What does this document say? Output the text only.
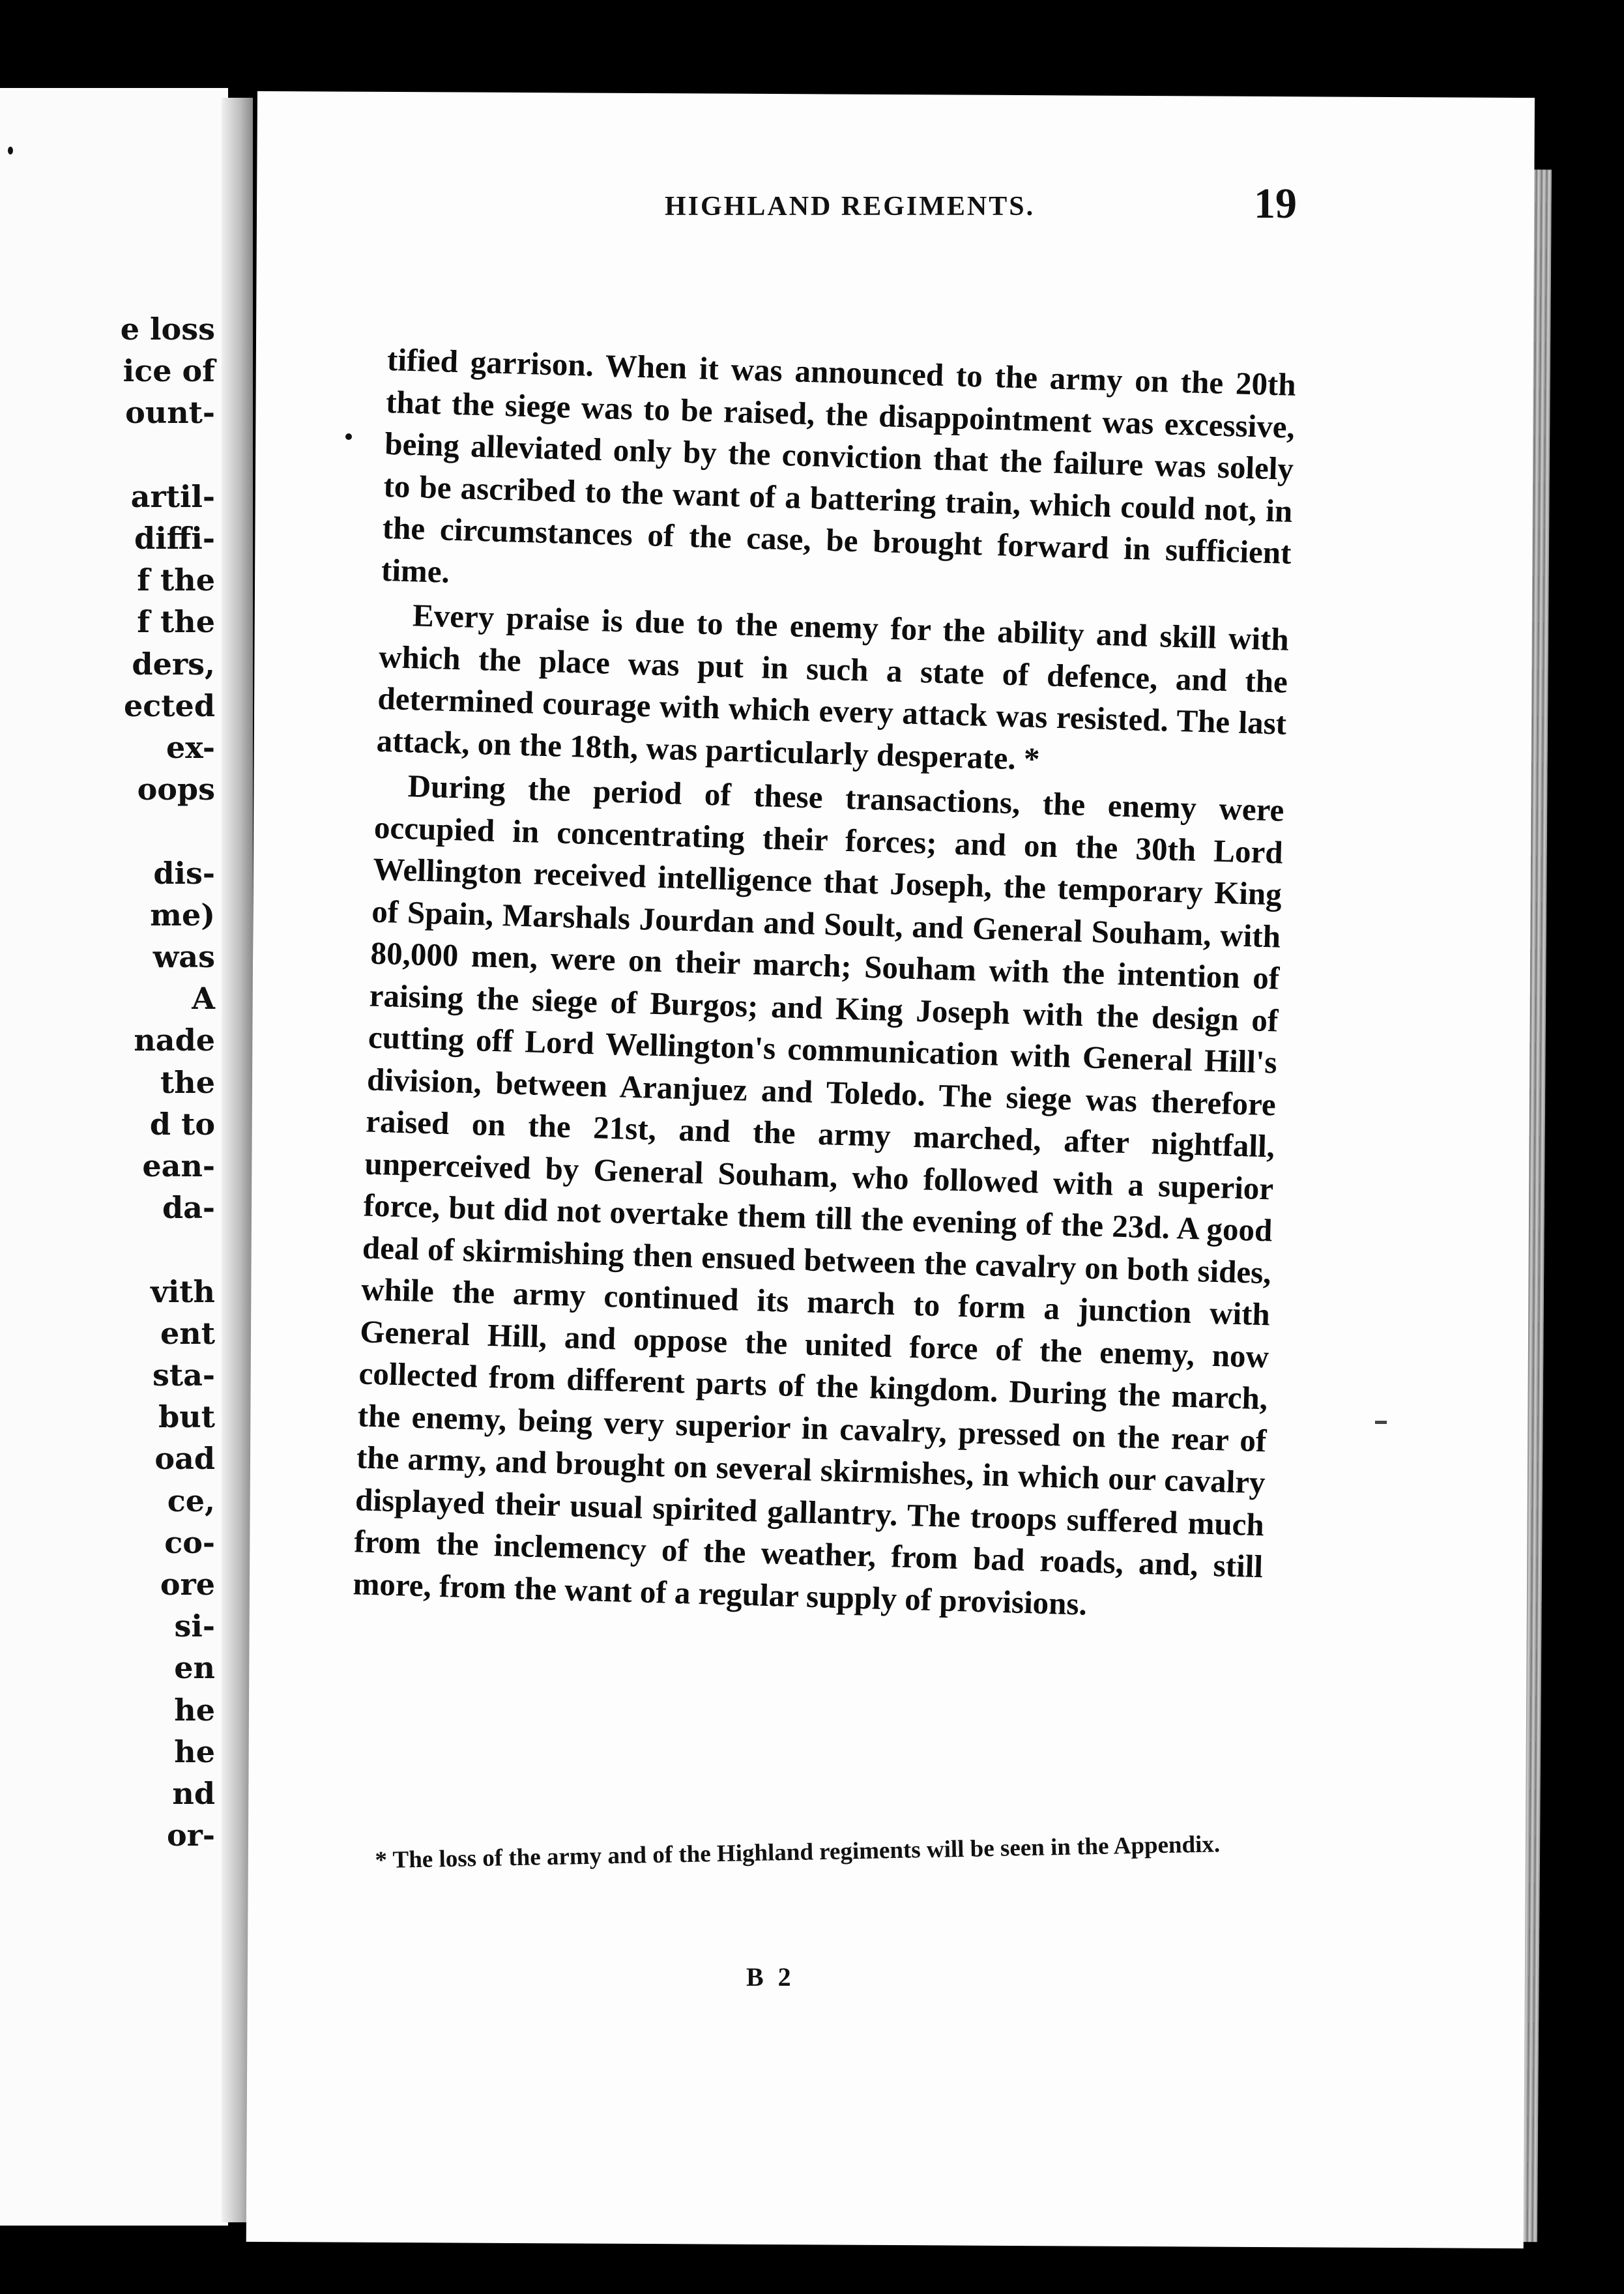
e loss
ice of
ount-
artil-
diffi-
f the
f the
ders,
ected
ex-
oops
dis-
me)
was
A
nade
the
d to
ean-
da-
vith
ent
sta-
but
oad
ce,
co-
ore
si-
en
he
he
nd
or-
HIGHLAND REGIMENTS.	19

tified garrison. When it was announced to the army on the 20th that the siege was to be raised, the disappointment was excessive, being alleviated only by the conviction that the failure was solely to be ascribed to the want of a battering train, which could not, in the circumstances of the case, be brought forward in sufficient time.

Every praise is due to the enemy for the ability and skill with which the place was put in such a state of defence, and the determined courage with which every attack was resisted. The last attack, on the 18th, was particularly desperate. *

During the period of these transactions, the enemy were occupied in concentrating their forces; and on the 30th Lord Wellington received intelligence that Joseph, the temporary King of Spain, Marshals Jourdan and Soult, and General Souham, with 80,000 men, were on their march; Souham with the intention of raising the siege of Burgos; and King Joseph with the design of cutting off Lord Wellington's communication with General Hill's division, between Aranjuez and Toledo. The siege was therefore raised on the 21st, and the army marched, after nightfall, unperceived by General Souham, who followed with a superior force, but did not overtake them till the evening of the 23d. A good deal of skirmishing then ensued between the cavalry on both sides, while the army continued its march to form a junction with General Hill, and oppose the united force of the enemy, now collected from different parts of the kingdom. During the march, the enemy, being very superior in cavalry, pressed on the rear of the army, and brought on several skirmishes, in which our cavalry displayed their usual spirited gallantry. The troops suffered much from the inclemency of the weather, from bad roads, and, still more, from the want of a regular supply of provisions.

* The loss of the army and of the Highland regiments will be seen in the Appendix.
B 2
